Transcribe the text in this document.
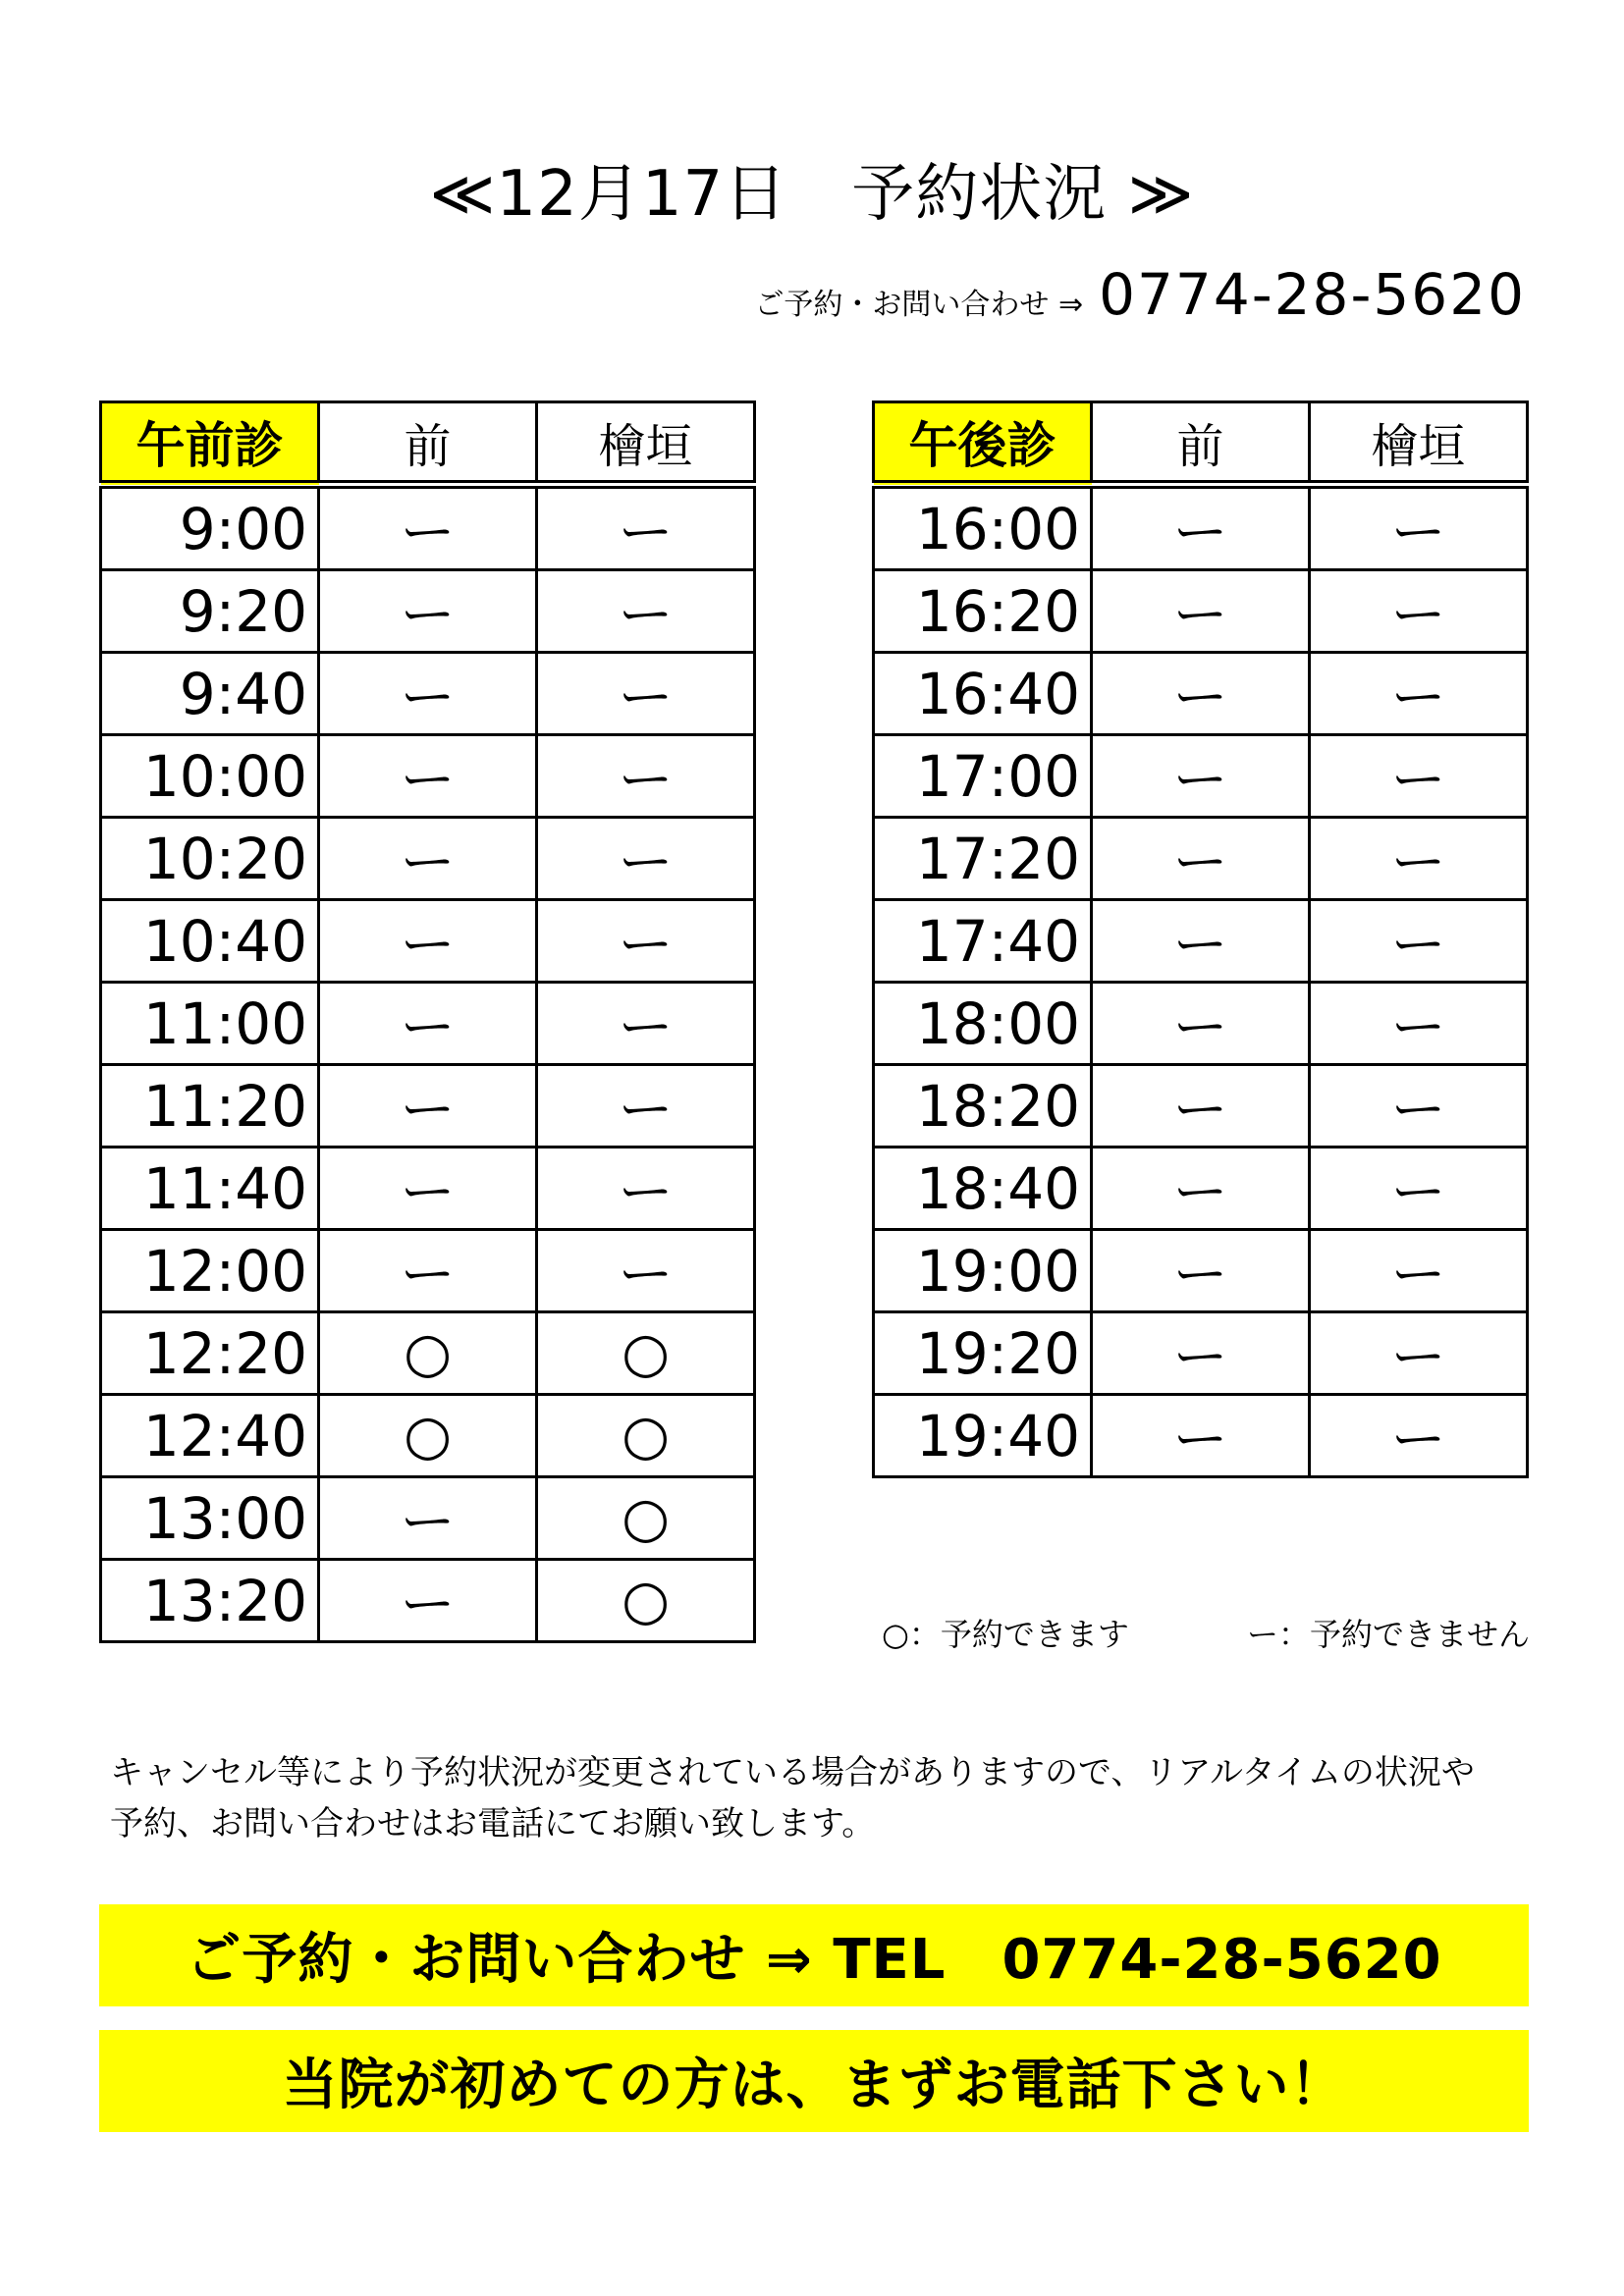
≪12月17日　予約状況 ≫
ご予約・お問い合わせ ⇒ 0774-28-5620
午前診	前	檜垣
9:00	ー	ー
9:20	ー	ー
9:40	ー	ー
10:00	ー	ー
10:20	ー	ー
10:40	ー	ー
11:00	ー	ー
11:20	ー	ー
11:40	ー	ー
12:00	ー	ー
12:20	○	○
12:40	○	○
13:00	ー	○
13:20	ー	○
午後診	前	檜垣
16:00	ー	ー
16:20	ー	ー
16:40	ー	ー
17:00	ー	ー
17:20	ー	ー
17:40	ー	ー
18:00	ー	ー
18:20	ー	ー
18:40	ー	ー
19:00	ー	ー
19:20	ー	ー
19:40	ー	ー
○：予約できます	ー：予約できません
キャンセル等により予約状況が変更されている場合がありますので、リアルタイムの状況や
予約、お問い合わせはお電話にてお願い致します。
ご予約・お問い合わせ ⇒ TEL　0774-28-5620
当院が初めての方は、まずお電話下さい！
